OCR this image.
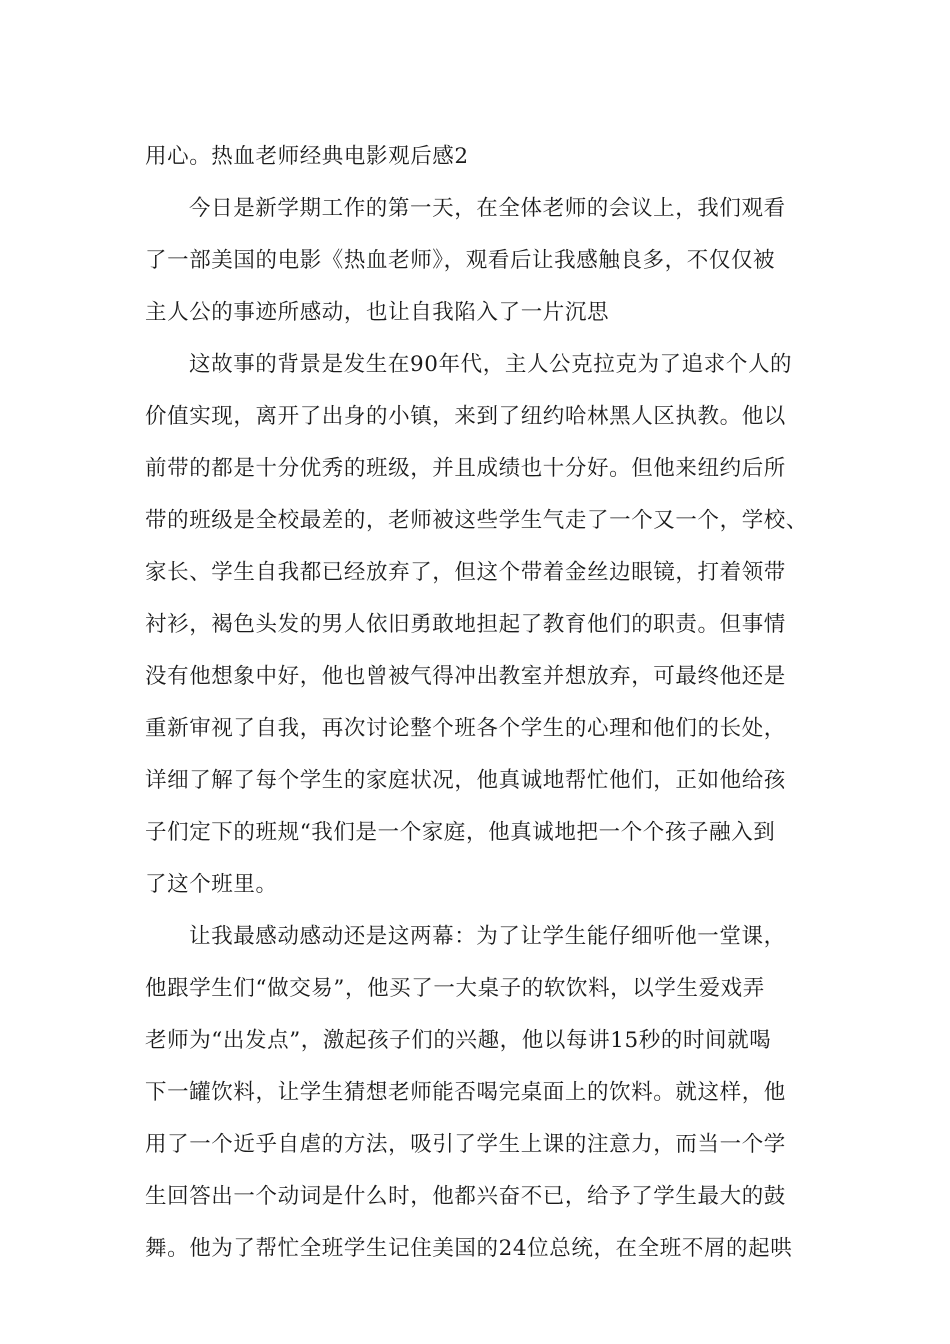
用心。热血老师经典电影观后感2
今日是新学期工作的第一天，在全体老师的会议上，我们观看
了一部美国的电影《热血老师》，观看后让我感触良多，不仅仅被
主人公的事迹所感动，也让自我陷入了一片沉思
这故事的背景是发生在90年代，主人公克拉克为了追求个人的
价值实现，离开了出身的小镇，来到了纽约哈林黑人区执教。他以
前带的都是十分优秀的班级，并且成绩也十分好。但他来纽约后所
带的班级是全校最差的，老师被这些学生气走了一个又一个，学校、
家长、学生自我都已经放弃了，但这个带着金丝边眼镜，打着领带
衬衫，褐色头发的男人依旧勇敢地担起了教育他们的职责。但事情
没有他想象中好，他也曾被气得冲出教室并想放弃，可最终他还是
重新审视了自我，再次讨论整个班各个学生的心理和他们的长处，
详细了解了每个学生的家庭状况，他真诚地帮忙他们，正如他给孩
子们定下的班规“我们是一个家庭，他真诚地把一个个孩子融入到
了这个班里。
让我最感动感动还是这两幕：为了让学生能仔细听他一堂课，
他跟学生们“做交易”，他买了一大桌子的软饮料，以学生爱戏弄
老师为“出发点”，激起孩子们的兴趣，他以每讲15秒的时间就喝
下一罐饮料，让学生猜想老师能否喝完桌面上的饮料。就这样，他
用了一个近乎自虐的方法，吸引了学生上课的注意力，而当一个学
生回答出一个动词是什么时，他都兴奋不已，给予了学生最大的鼓
舞。他为了帮忙全班学生记住美国的24位总统，在全班不屑的起哄
